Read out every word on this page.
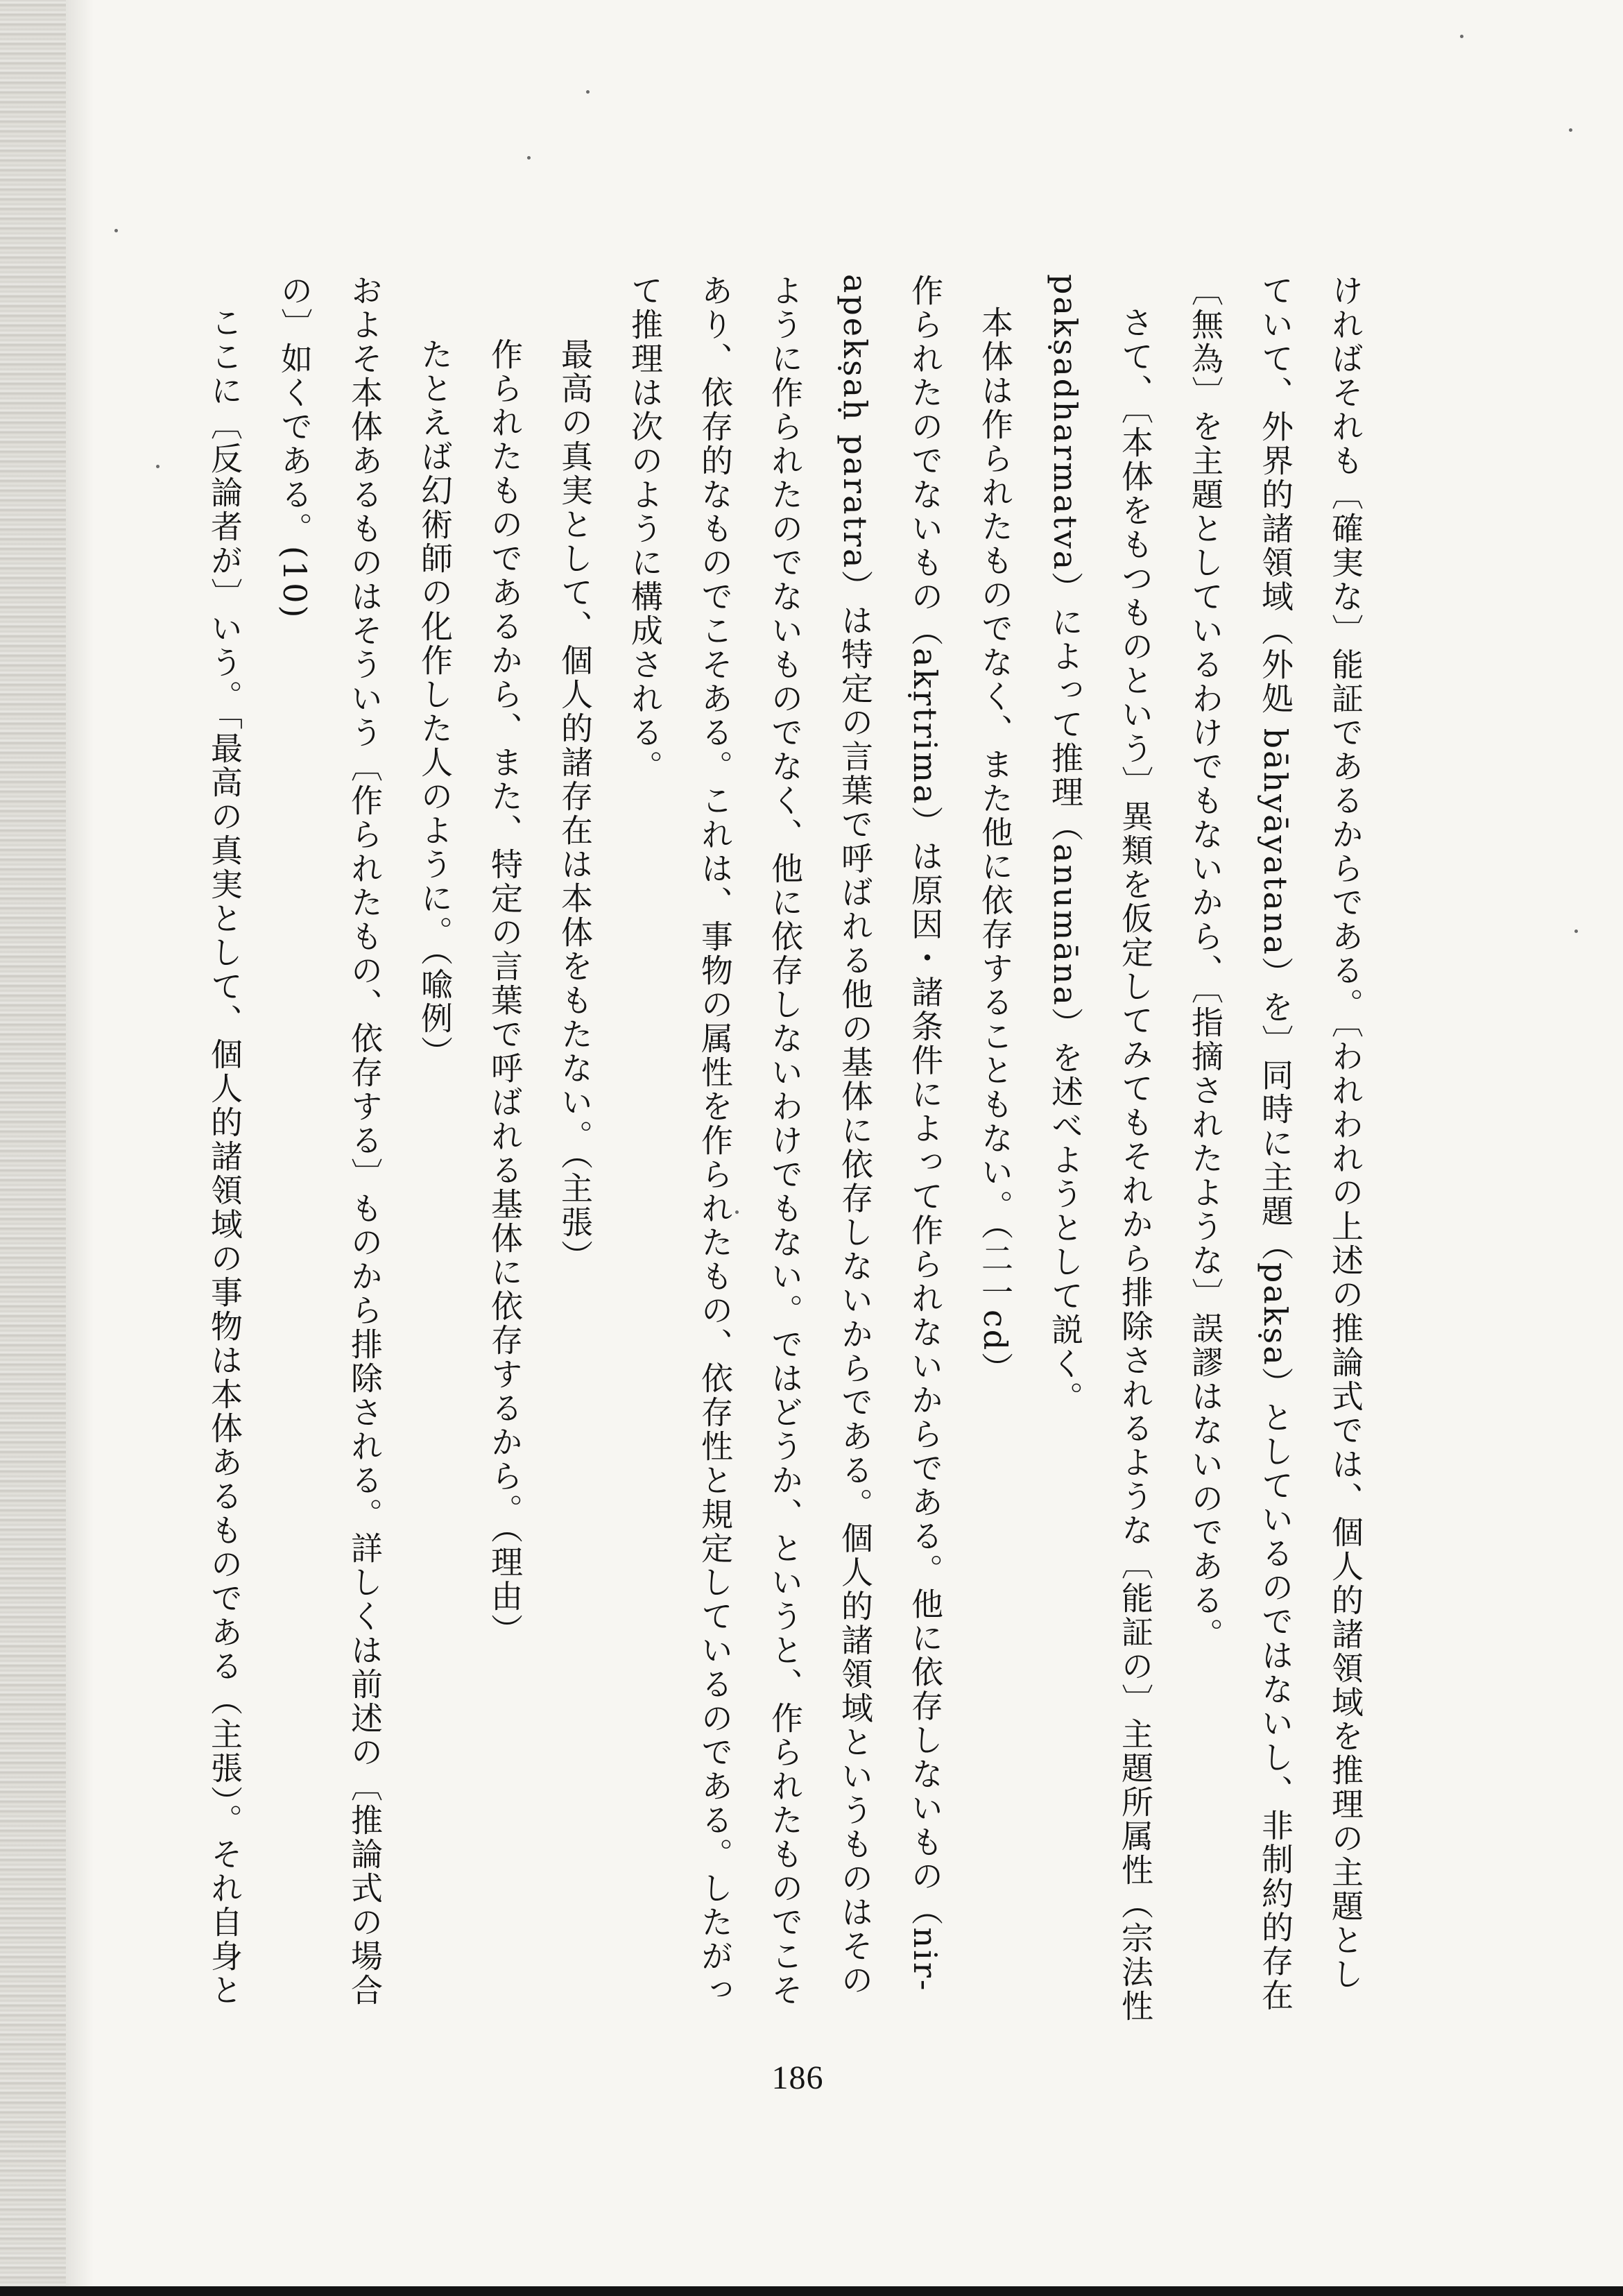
ければそれも〔確実な〕能証であるからである。〔われわれの上述の推論式では、個人的諸領域を推理の主題とし

ていて、外界的諸領域（外処 bāhyāyatana）を〕同時に主題（pakṣa）としているのではないし、非制約的存在

〔無為〕を主題としているわけでもないから、〔指摘されたような〕誤謬はないのである。

さて、〔本体をもつものという〕異類を仮定してみてもそれから排除されるような〔能証の〕主題所属性（宗法性

pakṣadharmatva）によって推理（anumāna）を述べようとして説く。

本体は作られたものでなく、また他に依存することもない。（二一cd）

作られたのでないもの（akṛtrima）は原因・諸条件によって作られないからである。他に依存しないもの（nir-

apekṣaḥ paratra）は特定の言葉で呼ばれる他の基体に依存しないからである。個人的諸領域というものはその

ように作られたのでないものでなく、他に依存しないわけでもない。ではどうか、というと、作られたものでこそ

あり、依存的なものでこそある。これは、事物の属性を作られたもの、依存性と規定しているのである。したがっ

て推理は次のように構成される。

最高の真実として、個人的諸存在は本体をもたない。（主張）

作られたものであるから、また、特定の言葉で呼ばれる基体に依存するから。（理由）

たとえば幻術師の化作した人のように。（喩例）

およそ本体あるものはそういう〔作られたもの、依存する〕ものから排除される。詳しくは前述の〔推論式の場合

の〕如くである。(10)

ここに〔反論者が〕いう。「最高の真実として、個人的諸領域の事物は本体あるものである（主張）。それ自身と

186
